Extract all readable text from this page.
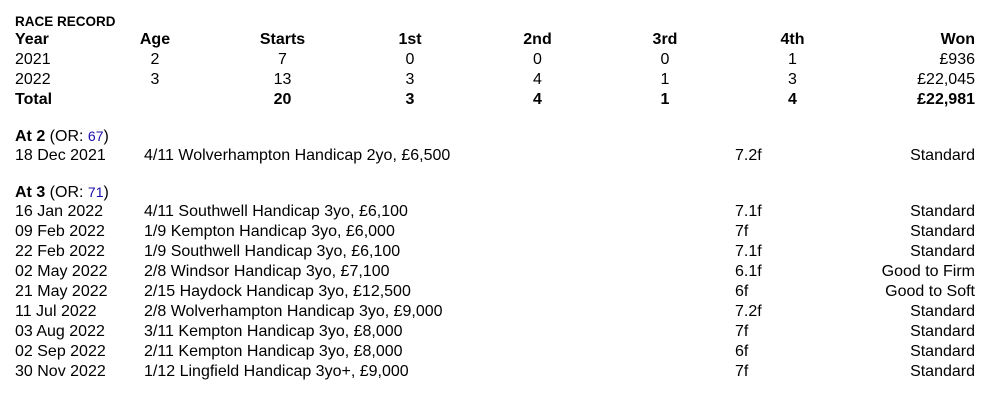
RACE RECORD
Year	Age	Starts	1st	2nd	3rd	4th	Won
2021	2	7	0	0	0	1	£936
2022	3	13	3	4	1	3	£22,045
Total		20	3	4	1	4	£22,981
At 2 (OR: 67)
18 Dec 2021 4/11 Wolverhampton Handicap 2yo, £6,500	7.2f	Standard
At 3 (OR: 71)
16 Jan 2022	4/11 Southwell Handicap 3yo, £6,100	7.1f	Standard
09 Feb 2022 1/9 Kempton Handicap 3yo, £6,000	7f	Standard
22 Feb 2022 1/9 Southwell Handicap 3yo, £6,100	7.1f	Standard
02 May 2022 2/8 Windsor Handicap 3yo, £7,100	6.1f	Good to Firm
21 May 2022 2/15 Haydock Handicap 3yo, £12,500	6f	Good to Soft
11 Jul 2022	2/8 Wolverhampton Handicap 3yo, £9,000	7.2f	Standard
03 Aug 2022 3/11 Kempton Handicap 3yo, £8,000	7f	Standard
02 Sep 2022 2/11 Kempton Handicap 3yo, £8,000	6f	Standard
30 Nov 2022 1/12 Lingfield Handicap 3yo+, £9,000	7f	Standard
